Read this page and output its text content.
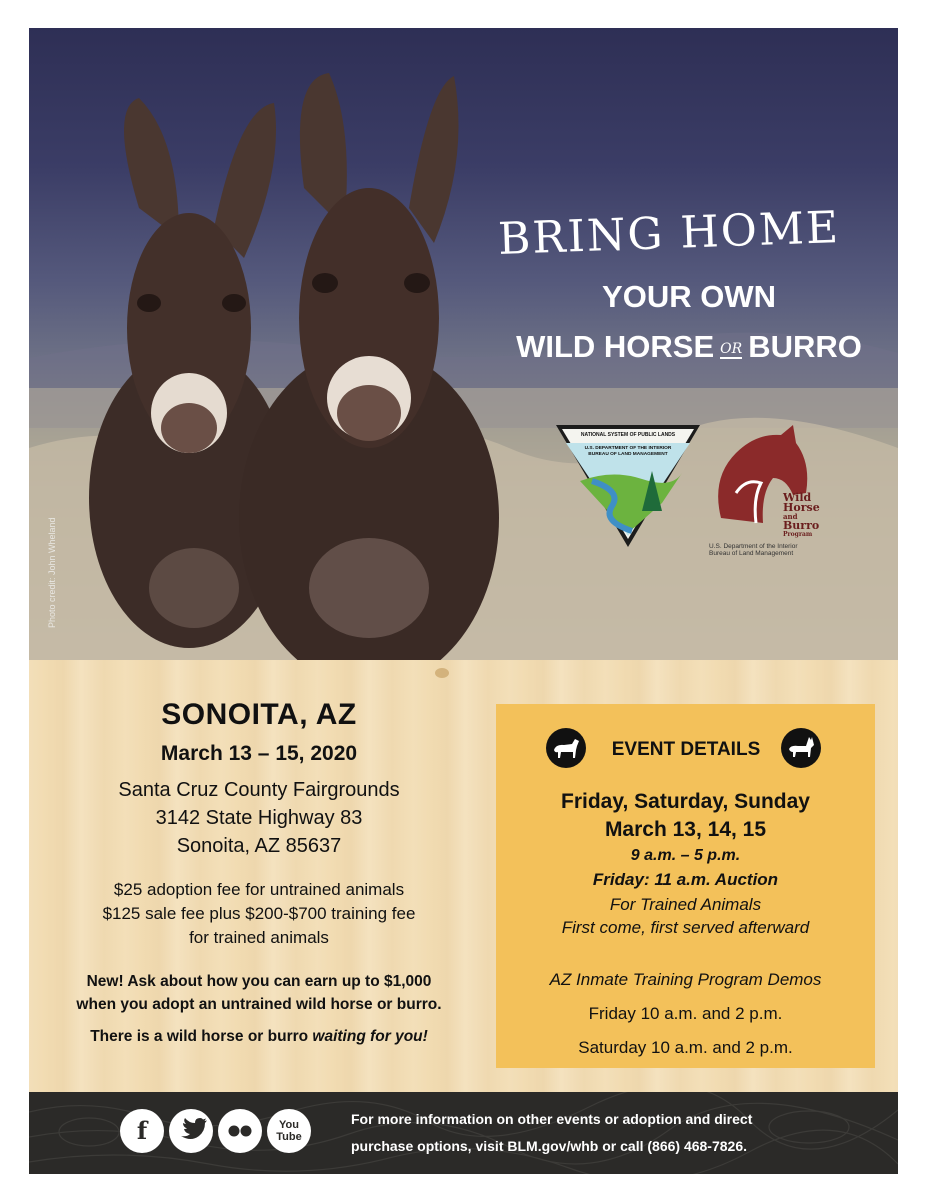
Photo credit: John Wheland
BRING HOME
YOUR OWN
WILD HORSE OR BURRO
NATIONAL SYSTEM OF PUBLIC LANDS
U.S. DEPARTMENT OF THE INTERIOR
BUREAU OF LAND MANAGEMENT
Wild
Horse
and
Burro
Program
U.S. Department of the Interior
Bureau of Land Management
SONOITA, AZ
March 13 – 15, 2020
Santa Cruz County Fairgrounds
3142 State Highway 83
Sonoita, AZ 85637
$25 adoption fee for untrained animals
$125 sale fee plus $200-$700 training fee
for trained animals
New! Ask about how you can earn up to $1,000
when you adopt an untrained wild horse or burro.
There is a wild horse or burro waiting for you!
EVENT DETAILS
Friday, Saturday, Sunday
March 13, 14, 15
9 a.m. – 5 p.m.
Friday: 11 a.m. Auction
For Trained Animals
First come, first served afterward
AZ Inmate Training Program Demos
Friday 10 a.m. and 2 p.m.
Saturday 10 a.m. and 2 p.m.
f	You
Tube
For more information on other events or adoption and direct
purchase options, visit BLM.gov/whb or call (866) 468-7826.
